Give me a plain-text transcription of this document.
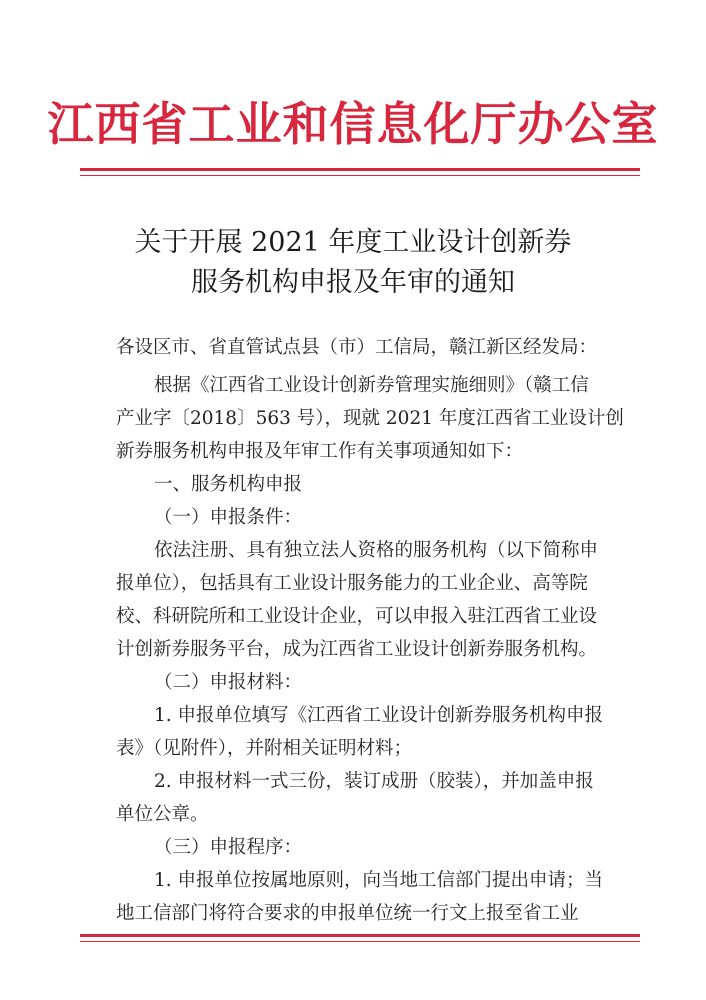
江西省工业和信息化厅办公室
关于开展 2021 年度工业设计创新券
服务机构申报及年审的通知
各设区市、省直管试点县（市）工信局，赣江新区经发局：
根据《江西省工业设计创新券管理实施细则》（赣工信
产业字〔2018〕563 号），现就 2021 年度江西省工业设计创
新券服务机构申报及年审工作有关事项通知如下：
一、服务机构申报
（一）申报条件：
依法注册、具有独立法人资格的服务机构（以下简称申
报单位），包括具有工业设计服务能力的工业企业、高等院
校、科研院所和工业设计企业，可以申报入驻江西省工业设
计创新券服务平台，成为江西省工业设计创新券服务机构。
（二）申报材料：
1. 申报单位填写《江西省工业设计创新券服务机构申报
表》（见附件），并附相关证明材料；
2. 申报材料一式三份，装订成册（胶装），并加盖申报
单位公章。
（三）申报程序：
1. 申报单位按属地原则，向当地工信部门提出申请；当
地工信部门将符合要求的申报单位统一行文上报至省工业
